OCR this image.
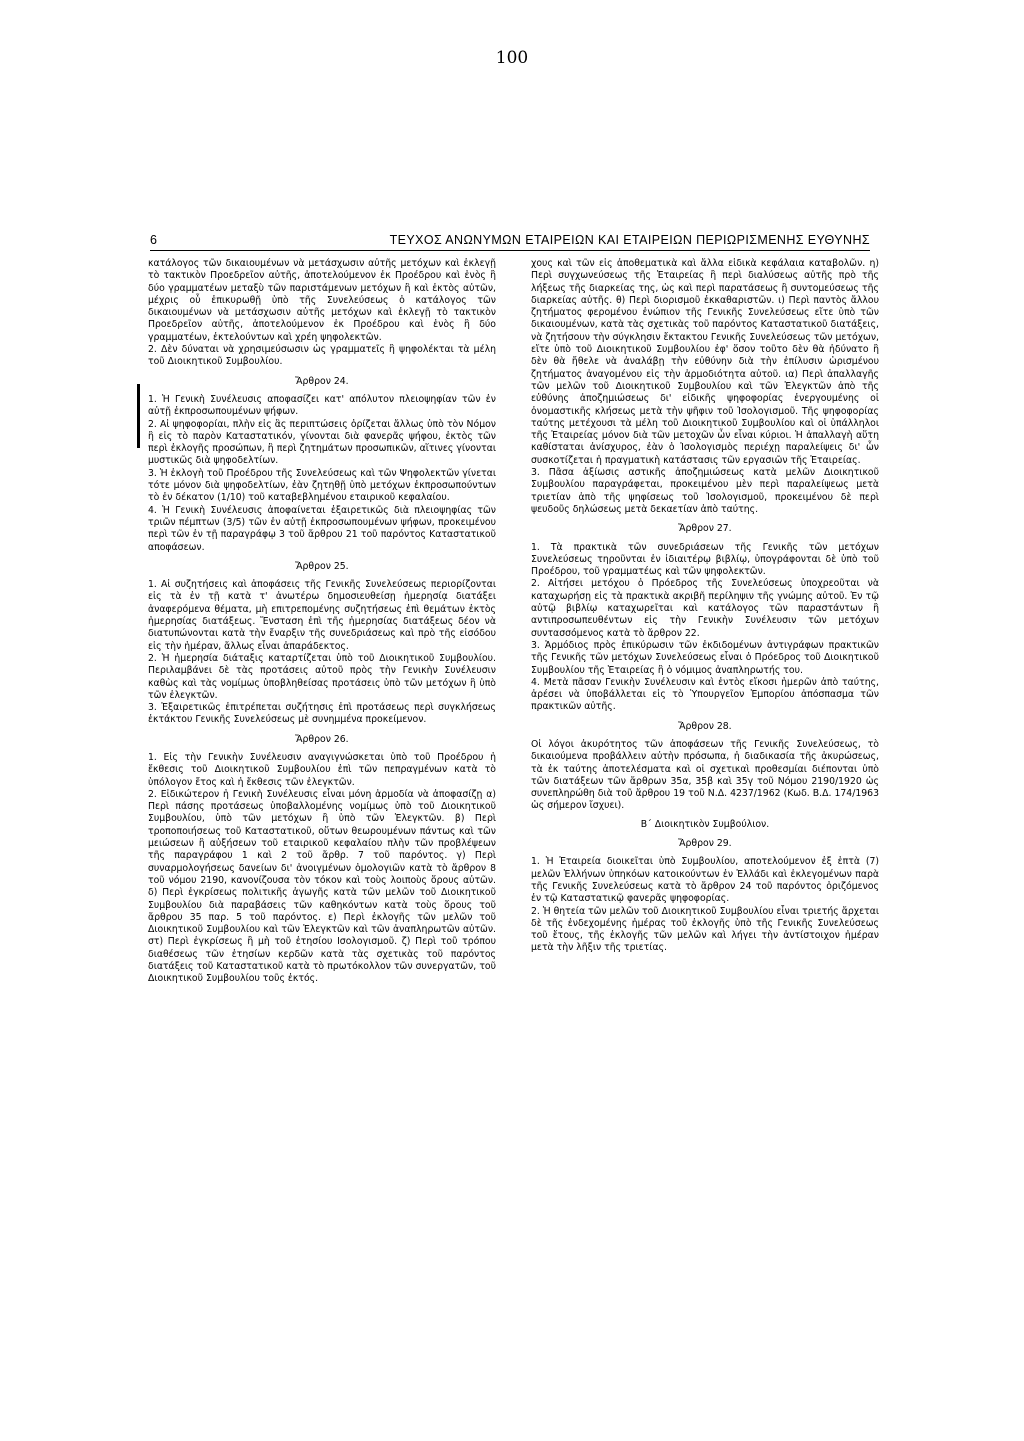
100
6	ΤΕΥΧΟΣ ΑΝΩΝΥΜΩΝ ΕΤΑΙΡΕΙΩΝ ΚΑΙ ΕΤΑΙΡΕΙΩΝ ΠΕΡΙΩΡΙΣΜΕΝΗΣ ΕΥΘΥΝΗΣ

κατάλογος τῶν δικαιουμένων νὰ μετάσχωσιν αὐτῆς μετόχων καὶ ἐκλεγῇ τὸ τακτικὸν Προεδρεῖον αὐτῆς, ἀποτελούμενον ἐκ Προέδρου καὶ ἑνὸς ἢ δύο γραμματέων μεταξὺ τῶν παριστάμενων μετόχων ἢ καὶ ἐκτὸς αὐτῶν, μέχρις οὗ ἐπικυρωθῇ ὑπὸ τῆς Συνελεύσεως ὁ κατάλογος τῶν δικαιουμένων νὰ μετάσχωσιν αὐτῆς μετόχων καὶ ἐκλεγῇ τὸ τακτικὸν Προεδρεῖον αὐτῆς, ἀποτελούμενον ἐκ Προέδρου καὶ ἑνὸς ἢ δύο γραμματέων, ἐκτελούντων καὶ χρέη ψηφολεκτῶν.

2. Δὲν δύναται νὰ χρησιμεύσωσιν ὡς γραμματεῖς ἢ ψηφολέκται τὰ μέλη τοῦ Διοικητικοῦ Συμβουλίου.

Ἄρθρον 24.

1. Ἡ Γενικὴ Συνέλευσις αποφασίζει κατ' απόλυτον πλειοψηφίαν τῶν ἐν αὐτῇ ἐκπροσωπουμένων ψήφων.

2. Αἱ ψηφοφορίαι, πλὴν εἰς ἃς περιπτώσεις ὁρίζεται ἄλλως ὑπὸ τὸν Νόμον ἢ εἰς τὸ παρὸν Καταστατικόν, γίνονται διὰ φανερᾶς ψήφου, ἐκτὸς τῶν περὶ ἐκλογῆς προσώπων, ἢ περὶ ζητημάτων προσωπικῶν, αἵτινες γίνονται μυστικῶς διὰ ψηφοδελτίων.

3. Ἡ ἐκλογὴ τοῦ Προέδρου τῆς Συνελεύσεως καὶ τῶν Ψηφολεκτῶν γίνεται τότε μόνον διὰ ψηφοδελτίων, ἐὰν ζητηθῇ ὑπὸ μετόχων ἐκπροσωπούντων τὸ ἐν δέκατον (1/10) τοῦ καταβεβλημένου εταιρικοῦ κεφαλαίου.

4. Ἡ Γενικὴ Συνέλευσις ἀποφαίνεται ἐξαιρετικῶς διὰ πλειοψηφίας τῶν τριῶν πέμπτων (3/5) τῶν ἐν αὐτῇ ἐκπροσωπουμένων ψήφων, προκειμένου περὶ τῶν ἐν τῇ παραγράφῳ 3 τοῦ ἄρθρου 21 τοῦ παρόντος Καταστατικοῦ αποφάσεων.

Ἄρθρον 25.

1. Αἱ συζητήσεις καὶ ἀποφάσεις τῆς Γενικῆς Συνελεύσεως περιορίζονται εἰς τὰ ἐν τῇ κατὰ τ' ἀνωτέρω δημοσιευθείσῃ ἡμερησίᾳ διατάξει ἀναφερόμενα θέματα, μὴ επιτρεπομένης συζητήσεως ἐπὶ θεμάτων ἐκτὸς ἡμερησίας διατάξεως. Ἔνσταση ἐπὶ τῆς ἡμερησίας διατάξεως δέον νὰ διατυπώνονται κατὰ τὴν ἔναρξιν τῆς συνεδριάσεως καὶ πρὸ τῆς εἰσόδου εἰς τὴν ἡμέραν, ἄλλως εἶναι ἀπαράδεκτος.

2. Ἡ ἡμερησία διάταξις καταρτίζεται ὑπὸ τοῦ Διοικητικοῦ Συμβουλίου. Περιλαμβάνει δὲ τὰς προτάσεις αὐτοῦ πρὸς τὴν Γενικὴν Συνέλευσιν καθὼς καὶ τὰς νομίμως ὑποβληθείσας προτάσεις ὑπὸ τῶν μετόχων ἢ ὑπὸ τῶν ἐλεγκτῶν.

3. Ἐξαιρετικῶς ἐπιτρέπεται συζήτησις ἐπὶ προτάσεως περὶ συγκλήσεως ἐκτάκτου Γενικῆς Συνελεύσεως μὲ συνημμένα προκείμενον.

Ἄρθρον 26.

1. Εἰς τὴν Γενικὴν Συνέλευσιν αναγιγνώσκεται ὑπὸ τοῦ Προέδρου ἡ ἔκθεσις τοῦ Διοικητικοῦ Συμβουλίου ἐπὶ τῶν πεπραγμένων κατὰ τὸ ὑπόλογον ἔτος καὶ ἡ ἔκθεσις τῶν ἐλεγκτῶν.

2. Εἰδικώτερον ἡ Γενικὴ Συνέλευσις εἶναι μόνη ἁρμοδία νὰ ἀποφασίζῃ α) Περὶ πάσης προτάσεως ὑποβαλλομένης νομίμως ὑπὸ τοῦ Διοικητικοῦ Συμβουλίου, ὑπὸ τῶν μετόχων ἢ ὑπὸ τῶν Ἐλεγκτῶν. β) Περὶ τροποποιήσεως τοῦ Καταστατικοῦ, οὕτων θεωρουμένων πάντως καὶ τῶν μειώσεων ἢ αὐξήσεων τοῦ εταιρικοῦ κεφαλαίου πλὴν τῶν προβλέψεων τῆς παραγράφου 1 καὶ 2 τοῦ ἄρθρ. 7 τοῦ παρόντος. γ) Περὶ συναρμολογήσεως δανείων δι' ἀνοιγμένων ὁμολογιῶν κατὰ τὸ ἄρθρον 8 τοῦ νόμου 2190, κανονίζουσα τὸν τόκον καὶ τοὺς λοιποὺς ὅρους αὐτῶν. δ) Περὶ ἐγκρίσεως πολιτικῆς ἀγωγῆς κατὰ τῶν μελῶν τοῦ Διοικητικοῦ Συμβουλίου διὰ παραβάσεις τῶν καθηκόντων κατὰ τοὺς ὅρους τοῦ ἄρθρου 35 παρ. 5 τοῦ παρόντος. ε) Περὶ ἐκλογῆς τῶν μελῶν τοῦ Διοικητικοῦ Συμβουλίου καὶ τῶν Ἐλεγκτῶν καὶ τῶν ἀναπληρωτῶν αὐτῶν. στ) Περὶ ἐγκρίσεως ἢ μὴ τοῦ ἐτησίου Ισολογισμοῦ. ζ) Περὶ τοῦ τρόπου διαθέσεως τῶν ἐτησίων κερδῶν κατὰ τὰς σχετικὰς τοῦ παρόντος διατάξεις τοῦ Καταστατικοῦ κατὰ τὸ πρωτόκολλον τῶν συνεργατῶν, τοῦ Διοικητικοῦ Συμβουλίου τοῦς ἐκτός.

χους καὶ τῶν εἰς ἀποθεματικὰ καὶ ἄλλα εἰδικὰ κεφάλαια καταβολῶν. η) Περὶ συγχωνεύσεως τῆς Ἑταιρείας ἢ περὶ διαλύσεως αὐτῆς πρὸ τῆς λήξεως τῆς διαρκείας της, ὡς καὶ περὶ παρατάσεως ἢ συντομεύσεως τῆς διαρκείας αὐτῆς. θ) Περὶ διορισμοῦ ἐκκαθαριστῶν. ι) Περὶ παντὸς ἄλλου ζητήματος φερομένου ἐνώπιον τῆς Γενικῆς Συνελεύσεως εἴτε ὑπὸ τῶν δικαιουμένων, κατὰ τὰς σχετικὰς τοῦ παρόντος Καταστατικοῦ διατάξεις, νὰ ζητήσουν τὴν σύγκλησιν ἔκτακτου Γενικῆς Συνελεύσεως τῶν μετόχων, εἴτε ὑπὸ τοῦ Διοικητικοῦ Συμβουλίου ἐφ' ὅσον τοῦτο δὲν θὰ ἠδύνατο ἢ δὲν θὰ ἤθελε νὰ ἀναλάβῃ τὴν εὐθύνην διὰ τὴν ἐπίλυσιν ὡρισμένου ζητήματος ἀναγομένου εἰς τὴν ἁρμοδιότητα αὐτοῦ. ια) Περὶ ἀπαλλαγῆς τῶν μελῶν τοῦ Διοικητικοῦ Συμβουλίου καὶ τῶν Ἐλεγκτῶν ἀπὸ τῆς εὐθύνης ἀποζημιώσεως δι' εἰδικῆς ψηφοφορίας ἐνεργουμένης οἱ ὀνομαστικῆς κλήσεως μετὰ τὴν ψῆφιν τοῦ Ἰσολογισμοῦ. Τῆς ψηφοφορίας ταύτης μετέχουσι τὰ μέλη τοῦ Διοικητικοῦ Συμβουλίου καὶ οἱ ὑπάλληλοι τῆς Ἑταιρείας μόνον διὰ τῶν μετοχῶν ὧν εἶναι κύριοι. Ἡ ἀπαλλαγὴ αὕτη καθίσταται ἀνίσχυρος, ἐὰν ὁ Ἰσολογισμὸς περιέχῃ παραλείψεις δι' ὧν συσκοτίζεται ἡ πραγματικὴ κατάστασις τῶν εργασιῶν τῆς Ἑταιρείας.

3. Πᾶσα ἀξίωσις αστικῆς ἀποζημιώσεως κατὰ μελῶν Διοικητικοῦ Συμβουλίου παραγράφεται, προκειμένου μὲν περὶ παραλείψεως μετὰ τριετίαν ἀπὸ τῆς ψηφίσεως τοῦ Ἰσολογισμοῦ, προκειμένου δὲ περὶ ψευδοῦς δηλώσεως μετὰ δεκαετίαν ἀπὸ ταύτης.

Ἄρθρον 27.

1. Τὰ πρακτικὰ τῶν συνεδριάσεων τῆς Γενικῆς τῶν μετόχων Συνελεύσεως τηροῦνται ἐν ἰδιαιτέρῳ βιβλίῳ, ὑπογράφονται δὲ ὑπὸ τοῦ Προέδρου, τοῦ γραμματέως καὶ τῶν ψηφολεκτῶν.

2. Αἰτήσει μετόχου ὁ Πρόεδρος τῆς Συνελεύσεως ὑποχρεοῦται νὰ καταχωρήσῃ εἰς τὰ πρακτικὰ ακριβῆ περίληψιν τῆς γνώμης αὐτοῦ. Ἐν τῷ αὐτῷ βιβλίῳ καταχωρεῖται καὶ κατάλογος τῶν παραστάντων ἢ αντιπροσωπευθέντων εἰς τὴν Γενικὴν Συνέλευσιν τῶν μετόχων συντασσόμενος κατὰ τὸ ἄρθρον 22.

3. Ἁρμόδιος πρὸς ἐπικύρωσιν τῶν ἐκδιδομένων ἀντιγράφων πρακτικῶν τῆς Γενικῆς τῶν μετόχων Συνελεύσεως εἶναι ὁ Πρόεδρος τοῦ Διοικητικοῦ Συμβουλίου τῆς Ἑταιρείας ἢ ὁ νόμιμος ἀναπληρωτής του.

4. Μετὰ πᾶσαν Γενικὴν Συνέλευσιν καὶ ἐντὸς εἴκοσι ἡμερῶν ἀπὸ ταύτης, ἀρέσει νὰ ὑποβάλλεται εἰς τὸ Ὑπουργεῖον Ἐμπορίου ἀπόσπασμα τῶν πρακτικῶν αὐτῆς.

Ἄρθρον 28.

Οἱ λόγοι ἀκυρότητος τῶν ἀποφάσεων τῆς Γενικῆς Συνελεύσεως, τὸ δικαιούμενα προβάλλειν αὐτὴν πρόσωπα, ἡ διαδικασία τῆς ἀκυρώσεως, τὰ ἐκ ταύτης ἀποτελέσματα καὶ οἱ σχετικαὶ προθεσμίαι διέπονται ὑπὸ τῶν διατάξεων τῶν ἄρθρων 35α, 35β καὶ 35γ τοῦ Νόμου 2190/1920 ὡς συνεπληρώθη διὰ τοῦ ἄρθρου 19 τοῦ Ν.Δ. 4237/1962 (Κωδ. Β.Δ. 174/1963 ὡς σήμερον ἴσχυει).

Β΄ Διοικητικὸν Συμβούλιον.

Ἄρθρον 29.

1. Ἡ Ἑταιρεία διοικεῖται ὑπὸ Συμβουλίου, αποτελούμενον ἐξ ἑπτὰ (7) μελῶν Ἑλλήνων ὑπηκόων κατοικούντων ἐν Ἑλλάδι καὶ ἐκλεγομένων παρὰ τῆς Γενικῆς Συνελεύσεως κατὰ τὸ ἄρθρον 24 τοῦ παρόντος ὁριζόμενος ἐν τῷ Καταστατικῷ φανερᾶς ψηφοφορίας.

2. Ἡ θητεία τῶν μελῶν τοῦ Διοικητικοῦ Συμβουλίου εἶναι τριετής ἄρχεται δὲ τῆς ἐνδεχομένης ἡμέρας τοῦ ἐκλογῆς ὑπὸ τῆς Γενικῆς Συνελεύσεως τοῦ ἔτους, τῆς ἐκλογῆς τῶν μελῶν καὶ λήγει τὴν ἀντίστοιχον ἡμέραν μετὰ τὴν λῆξιν τῆς τριετίας.
